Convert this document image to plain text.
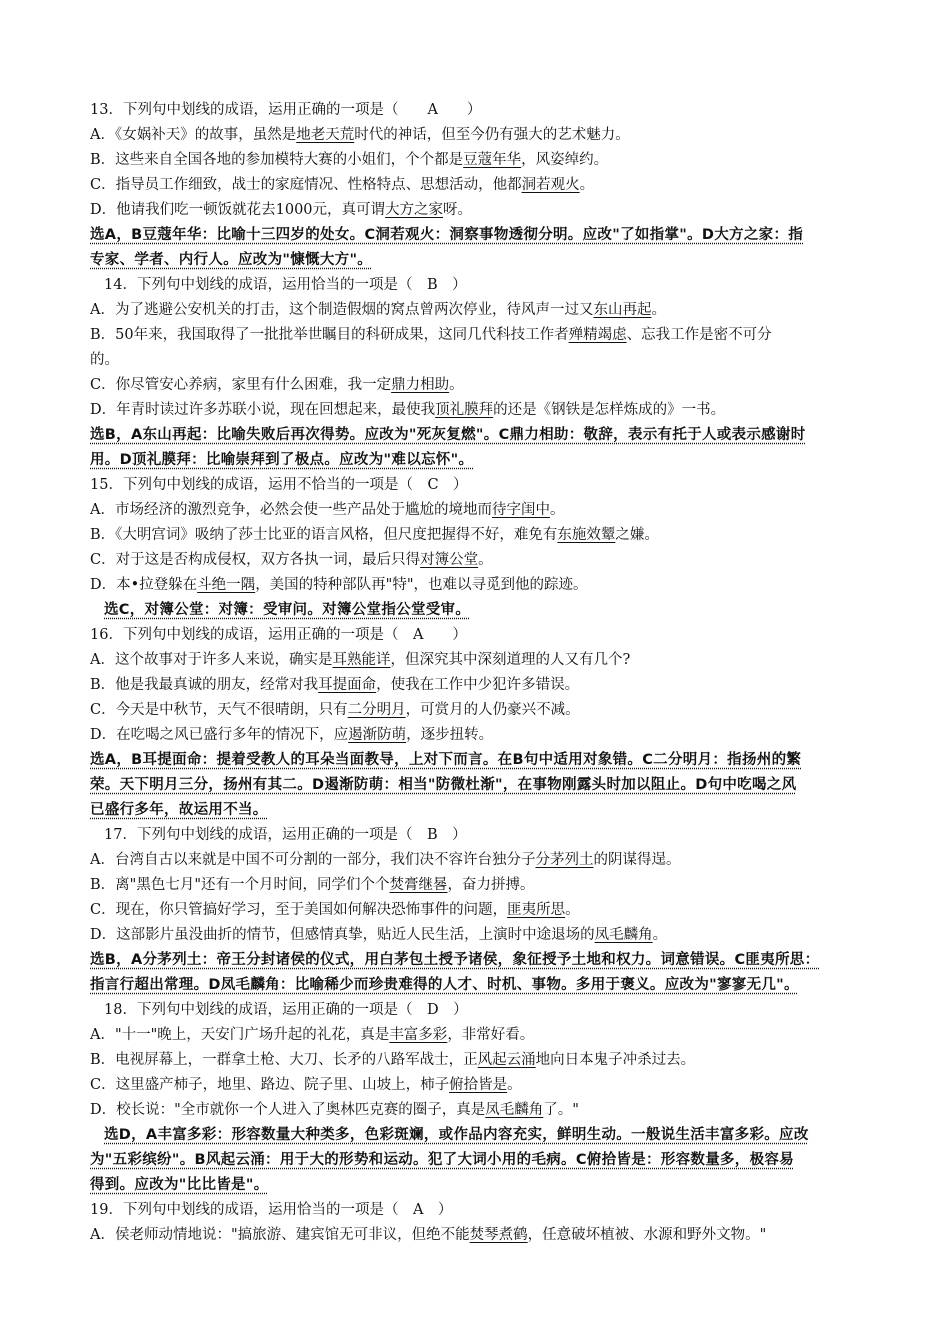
13．下列句中划线的成语，运用正确的一项是（　　A　　）
A．《女娲补天》的故事，虽然是地老天荒时代的神话，但至今仍有强大的艺术魅力。
B．这些来自全国各地的参加模特大赛的小姐们，个个都是豆蔻年华，风姿绰约。
C．指导员工作细致，战士的家庭情况、性格特点、思想活动，他都洞若观火。
D．他请我们吃一顿饭就花去1000元，真可谓大方之家呀。
选A，B豆蔻年华：比喻十三四岁的处女。C洞若观火：洞察事物透彻分明。应改"了如指掌"。D大方之家：指
专家、学者、内行人。应改为"慷慨大方"。
14．下列句中划线的成语，运用恰当的一项是（　B　）
A．为了逃避公安机关的打击，这个制造假烟的窝点曾两次停业，待风声一过又东山再起。
B．50年来，我国取得了一批批举世瞩目的科研成果，这同几代科技工作者殚精竭虑、忘我工作是密不可分
的。
C．你尽管安心养病，家里有什么困难，我一定鼎力相助。
D．年青时读过许多苏联小说，现在回想起来，最使我顶礼膜拜的还是《钢铁是怎样炼成的》一书。
选B，A东山再起：比喻失败后再次得势。应改为"死灰复燃"。C鼎力相助：敬辞，表示有托于人或表示感谢时
用。D顶礼膜拜：比喻崇拜到了极点。应改为"难以忘怀"。
15．下列句中划线的成语，运用不恰当的一项是（　C　）
A．市场经济的激烈竞争，必然会使一些产品处于尴尬的境地而待字闺中。
B．《大明宫词》吸纳了莎士比亚的语言风格，但尺度把握得不好，难免有东施效颦之嫌。
C．对于这是否构成侵权，双方各执一词，最后只得对簿公堂。
D．本•拉登躲在斗绝一隅，美国的特种部队再"特"，也难以寻觅到他的踪迹。
选C，对簿公堂：对簿：受审问。对簿公堂指公堂受审。
16．下列句中划线的成语，运用正确的一项是（　A　　）
A．这个故事对于许多人来说，确实是耳熟能详，但深究其中深刻道理的人又有几个?
B．他是我最真诚的朋友，经常对我耳提面命，使我在工作中少犯许多错误。
C．今天是中秋节，天气不很晴朗，只有二分明月，可赏月的人仍豪兴不减。
D．在吃喝之风已盛行多年的情况下，应遏渐防萌，逐步扭转。
选A，B耳提面命：提着受教人的耳朵当面教导，上对下而言。在B句中适用对象错。C二分明月：指扬州的繁
荣。天下明月三分，扬州有其二。D遏渐防萌：相当"防微杜渐"，在事物刚露头时加以阻止。D句中吃喝之风
已盛行多年，故运用不当。
17．下列句中划线的成语，运用正确的一项是（　B　）
A．台湾自古以来就是中国不可分割的一部分，我们决不容许台独分子分茅列土的阴谋得逞。
B．离"黑色七月"还有一个月时间，同学们个个焚膏继晷，奋力拼搏。
C．现在，你只管搞好学习，至于美国如何解决恐怖事件的问题，匪夷所思。
D．这部影片虽没曲折的情节，但感情真挚，贴近人民生活，上演时中途退场的凤毛麟角。
选B，A分茅列土：帝王分封诸侯的仪式，用白茅包土授予诸侯，象征授予土地和权力。词意错误。C匪夷所思：
指言行超出常理。D凤毛麟角：比喻稀少而珍贵难得的人才、时机、事物。多用于褒义。应改为"寥寥无几"。
18．下列句中划线的成语，运用正确的一项是（　D　）
A．"十一"晚上，天安门广场升起的礼花，真是丰富多彩，非常好看。
B．电视屏幕上，一群拿土枪、大刀、长矛的八路军战士，正风起云涌地向日本鬼子冲杀过去。
C．这里盛产柿子，地里、路边、院子里、山坡上，柿子俯拾皆是。
D．校长说："全市就你一个人进入了奥林匹克赛的圈子，真是凤毛麟角了。"
选D，A丰富多彩：形容数量大种类多，色彩斑斓，或作品内容充实，鲜明生动。一般说生活丰富多彩。应改
为"五彩缤纷"。B风起云涌：用于大的形势和运动。犯了大词小用的毛病。C俯拾皆是：形容数量多，极容易
得到。应改为"比比皆是"。
19．下列句中划线的成语，运用恰当的一项是（　A　）
A．侯老师动情地说："搞旅游、建宾馆无可非议，但绝不能焚琴煮鹤，任意破坏植被、水源和野外文物。"
